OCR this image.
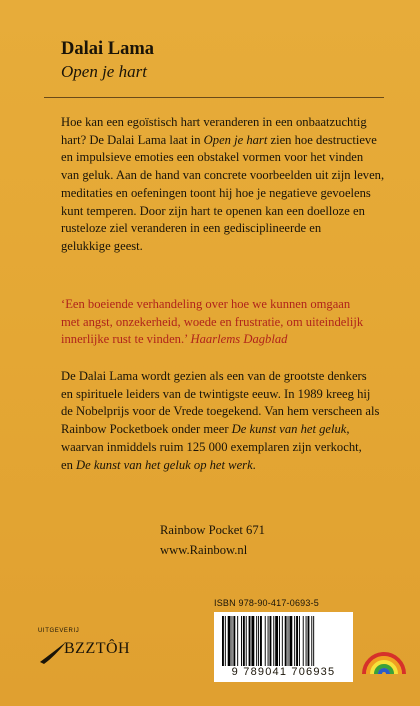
Dalai Lama
Open je hart
Hoe kan een egoïstisch hart veranderen in een onbaatzuchtig
hart? De Dalai Lama laat in Open je hart zien hoe destructieve
en impulsieve emoties een obstakel vormen voor het vinden
van geluk. Aan de hand van concrete voorbeelden uit zijn leven,
meditaties en oefeningen toont hij hoe je negatieve gevoelens
kunt temperen. Door zijn hart te openen kan een doelloze en
rusteloze ziel veranderen in een gedisciplineerde en
gelukkige geest.
‘Een boeiende verhandeling over hoe we kunnen omgaan
met angst, onzekerheid, woede en frustratie, om uiteindelijk
innerlijke rust te vinden.’ Haarlems Dagblad
De Dalai Lama wordt gezien als een van de grootste denkers
en spirituele leiders van de twintigste eeuw. In 1989 kreeg hij
de Nobelprijs voor de Vrede toegekend. Van hem verscheen als
Rainbow Pocketboek onder meer De kunst van het geluk,
waarvan inmiddels ruim 125 000 exemplaren zijn verkocht,
en De kunst van het geluk op het werk.
Rainbow Pocket 671
www.Rainbow.nl
ISBN 978-90-417-0693-5
9 789041 706935
UITGEVERIJ
BZZTÔH
